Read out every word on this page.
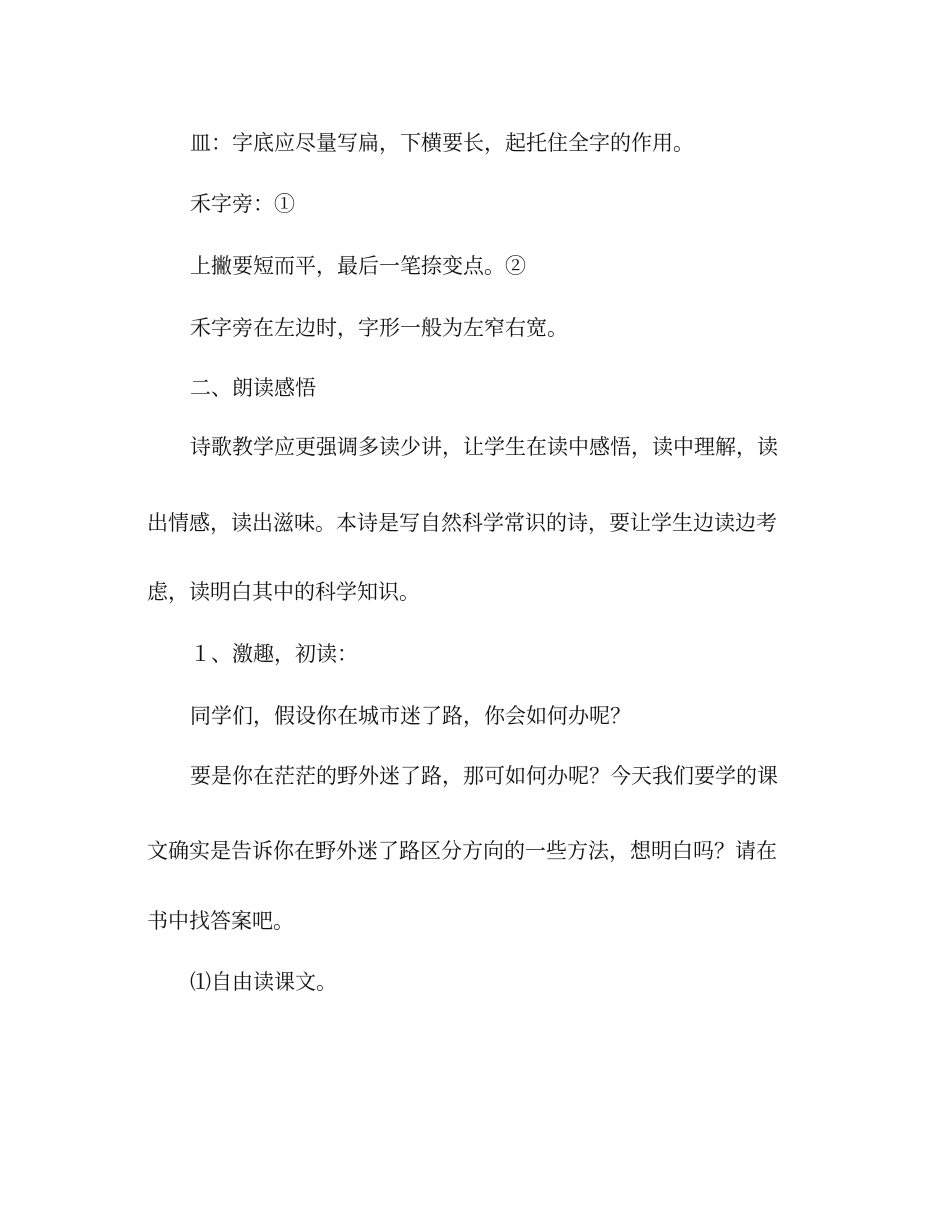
皿：字底应尽量写扁，下横要长，起托住全字的作用。
禾字旁：①
上撇要短而平，最后一笔捺变点。②
禾字旁在左边时，字形一般为左窄右宽。
二、朗读感悟
诗歌教学应更强调多读少讲，让学生在读中感悟，读中理解，读
出情感，读出滋味。本诗是写自然科学常识的诗，要让学生边读边考
虑，读明白其中的科学知识。
１、激趣，初读：
同学们，假设你在城市迷了路，你会如何办呢？
要是你在茫茫的野外迷了路，那可如何办呢？今天我们要学的课
文确实是告诉你在野外迷了路区分方向的一些方法，想明白吗？请在
书中找答案吧。
⑴自由读课文。
